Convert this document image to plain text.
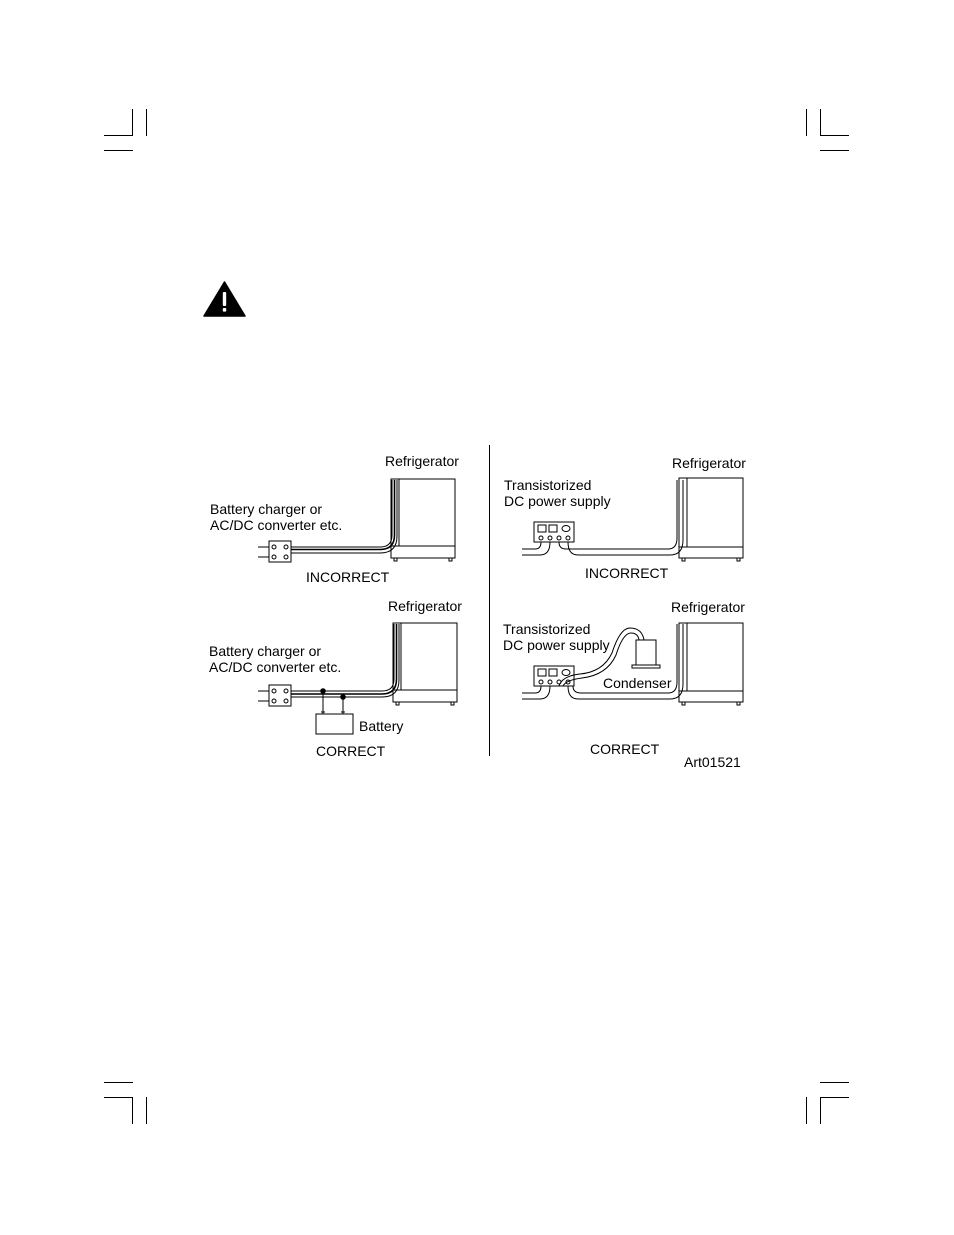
Refrigerator
Battery charger or
AC/DC converter etc.
INCORRECT
Refrigerator
Transistorized
DC power supply
INCORRECT
Refrigerator
Battery charger or
AC/DC converter etc.
Battery
CORRECT
Refrigerator
Transistorized
DC power supply
Condenser
CORRECT
Art01521
